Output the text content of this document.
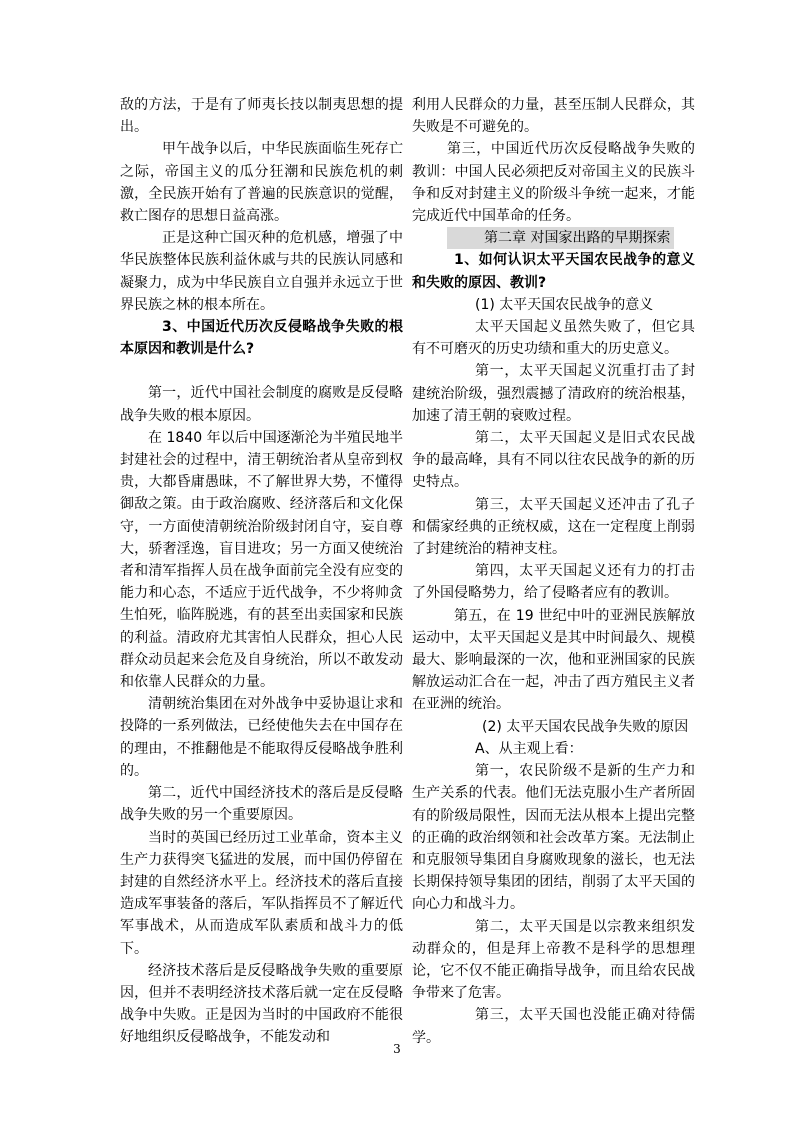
敌的方法，于是有了师夷长技以制夷思想的提出。

甲午战争以后，中华民族面临生死存亡之际，帝国主义的瓜分狂潮和民族危机的刺激，全民族开始有了普遍的民族意识的觉醒，救亡图存的思想日益高涨。

正是这种亡国灭种的危机感，增强了中华民族整体民族利益休戚与共的民族认同感和凝聚力，成为中华民族自立自强并永远立于世界民族之林的根本所在。

3、中国近代历次反侵略战争失败的根本原因和教训是什么?

第一，近代中国社会制度的腐败是反侵略战争失败的根本原因。

在 1840 年以后中国逐渐沦为半殖民地半封建社会的过程中，清王朝统治者从皇帝到权贵，大都昏庸愚昧，不了解世界大势，不懂得御敌之策。由于政治腐败、经济落后和文化保守，一方面使清朝统治阶级封闭自守，妄自尊大，骄奢淫逸，盲目进攻；另一方面又使统治者和清军指挥人员在战争面前完全没有应变的能力和心态，不适应于近代战争，不少将帅贪生怕死，临阵脱逃，有的甚至出卖国家和民族的利益。清政府尤其害怕人民群众，担心人民群众动员起来会危及自身统治，所以不敢发动和依靠人民群众的力量。

清朝统治集团在对外战争中妥协退让求和投降的一系列做法，已经使他失去在中国存在的理由，不推翻他是不能取得反侵略战争胜利的。

第二，近代中国经济技术的落后是反侵略战争失败的另一个重要原因。

当时的英国已经历过工业革命，资本主义生产力获得突飞猛进的发展，而中国仍停留在封建的自然经济水平上。经济技术的落后直接造成军事装备的落后，军队指挥员不了解近代军事战术，从而造成军队素质和战斗力的低下。

经济技术落后是反侵略战争失败的重要原因，但并不表明经济技术落后就一定在反侵略战争中失败。正是因为当时的中国政府不能很好地组织反侵略战争，不能发动和

利用人民群众的力量，甚至压制人民群众，其失败是不可避免的。

第三，中国近代历次反侵略战争失败的教训：中国人民必须把反对帝国主义的民族斗争和反对封建主义的阶级斗争统一起来，才能完成近代中国革命的任务。

第二章 对国家出路的早期探索

1、如何认识太平天国农民战争的意义和失败的原因、教训?

(1) 太平天国农民战争的意义

太平天国起义虽然失败了，但它具有不可磨灭的历史功绩和重大的历史意义。

第一，太平天国起义沉重打击了封建统治阶级，强烈震撼了清政府的统治根基，加速了清王朝的衰败过程。

第二，太平天国起义是旧式农民战争的最高峰，具有不同以往农民战争的新的历史特点。

第三，太平天国起义还冲击了孔子和儒家经典的正统权威，这在一定程度上削弱了封建统治的精神支柱。

第四，太平天国起义还有力的打击了外国侵略势力，给了侵略者应有的教训。

第五，在 19 世纪中叶的亚洲民族解放运动中，太平天国起义是其中时间最久、规模最大、影响最深的一次，他和亚洲国家的民族解放运动汇合在一起，冲击了西方殖民主义者在亚洲的统治。

(2) 太平天国农民战争失败的原因

A、从主观上看：

第一，农民阶级不是新的生产力和生产关系的代表。他们无法克服小生产者所固有的阶级局限性，因而无法从根本上提出完整的正确的政治纲领和社会改革方案。无法制止和克服领导集团自身腐败现象的滋长，也无法长期保持领导集团的团结，削弱了太平天国的向心力和战斗力。

第二，太平天国是以宗教来组织发动群众的，但是拜上帝教不是科学的思想理论，它不仅不能正确指导战争，而且给农民战争带来了危害。

第三，太平天国也没能正确对待儒学。

3
